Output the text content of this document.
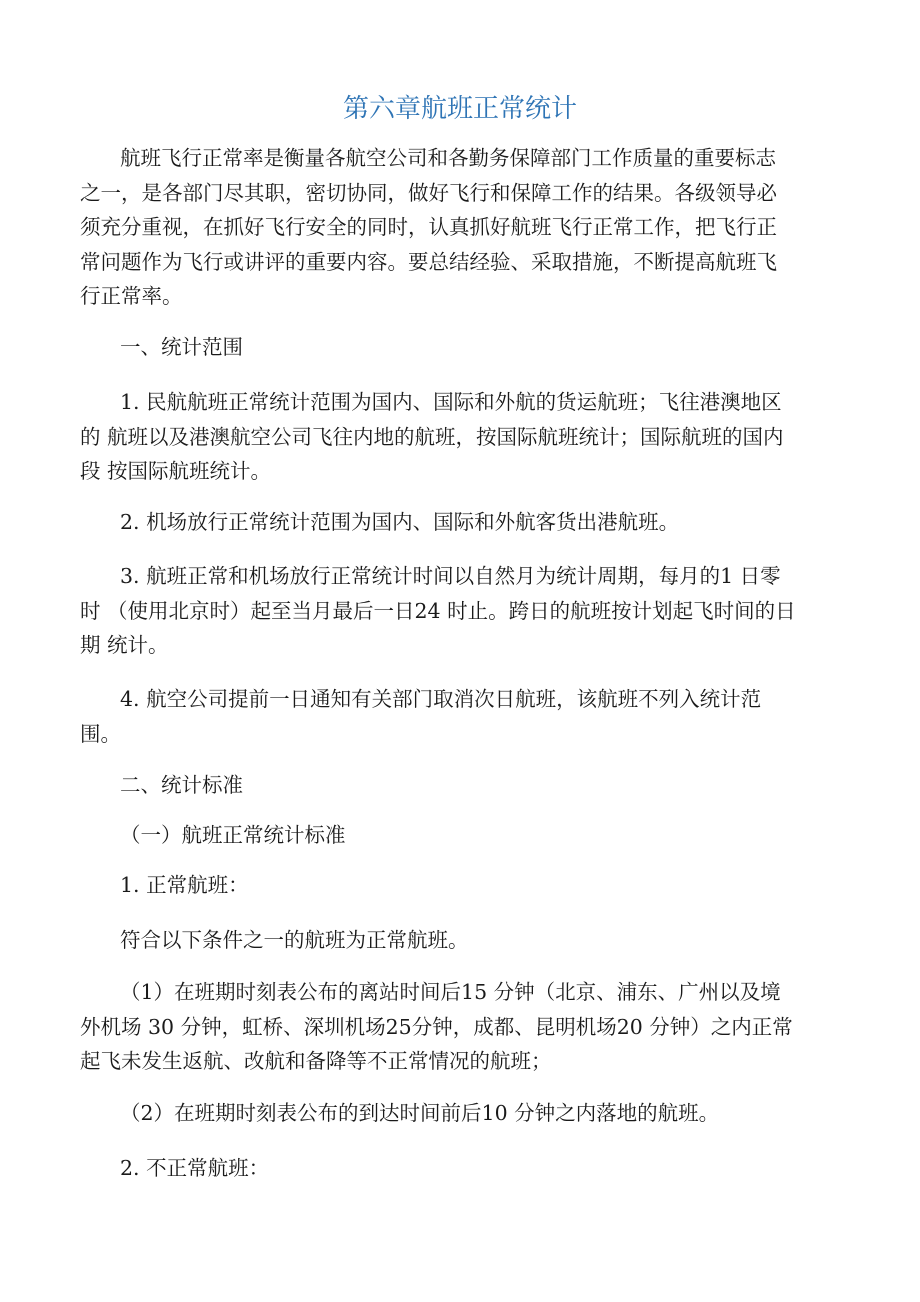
第六章航班正常统计
航班飞行正常率是衡量各航空公司和各勤务保障部门工作质量的重要标志
之一，是各部门尽其职，密切协同，做好飞行和保障工作的结果。各级领导必
须充分重视，在抓好飞行安全的同时，认真抓好航班飞行正常工作，把飞行正
常问题作为飞行或讲评的重要内容。要总结经验、采取措施，不断提高航班飞
行正常率。
一、统计范围
1. 民航航班正常统计范围为国内、国际和外航的货运航班；飞往港澳地区
的 航班以及港澳航空公司飞往内地的航班，按国际航班统计；国际航班的国内
段 按国际航班统计。
2. 机场放行正常统计范围为国内、国际和外航客货出港航班。
3. 航班正常和机场放行正常统计时间以自然月为统计周期，每月的1 日零
时 （使用北京时）起至当月最后一日24 时止。跨日的航班按计划起飞时间的日
期 统计。
4. 航空公司提前一日通知有关部门取消次日航班，该航班不列入统计范
围。
二、统计标准
（一）航班正常统计标准
1. 正常航班：
符合以下条件之一的航班为正常航班。
（1）在班期时刻表公布的离站时间后15 分钟（北京、浦东、广州以及境
外机场 30 分钟，虹桥、深圳机场25分钟，成都、昆明机场20 分钟）之内正常
起飞未发生返航、改航和备降等不正常情况的航班；
（2）在班期时刻表公布的到达时间前后10 分钟之内落地的航班。
2. 不正常航班：
